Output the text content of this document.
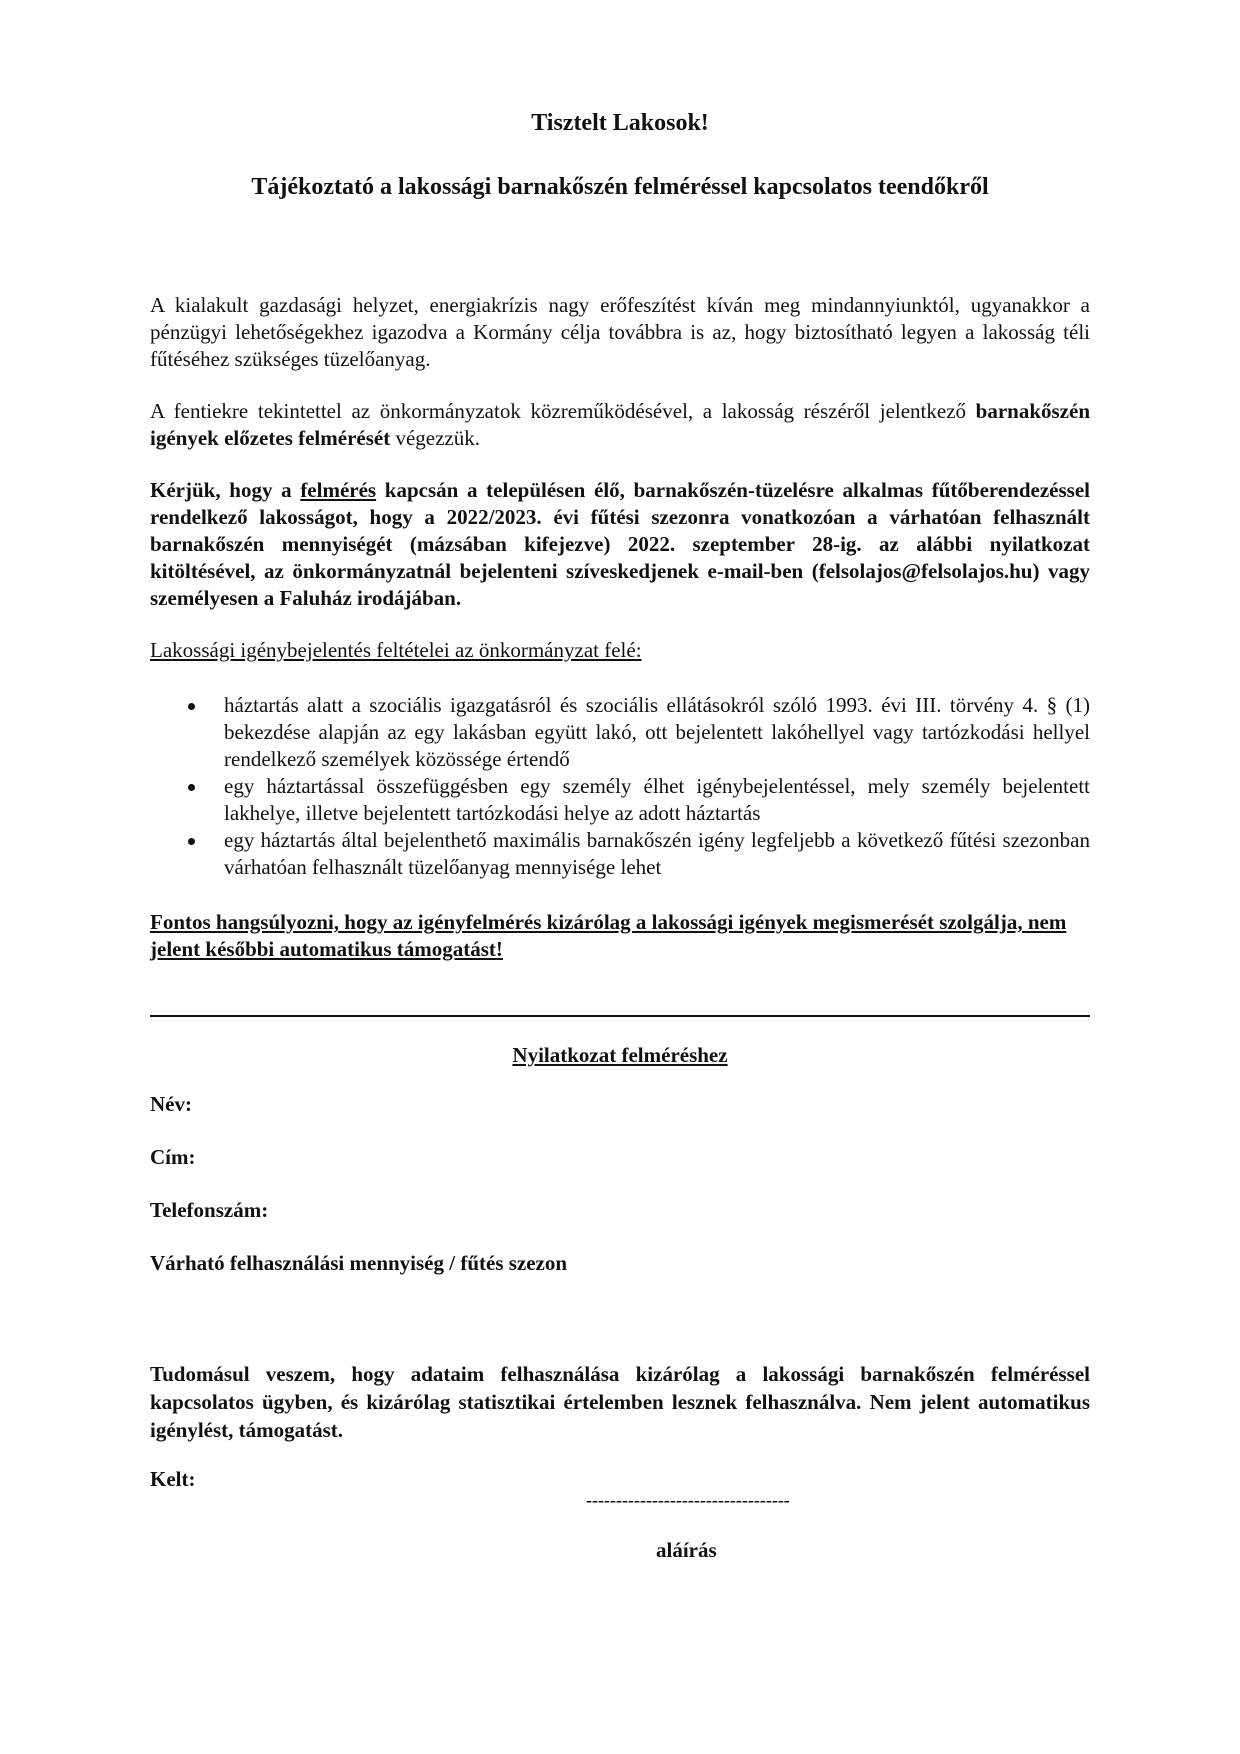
Tisztelt Lakosok!
Tájékoztató a lakossági barnakőszén felméréssel kapcsolatos teendőkről

A kialakult gazdasági helyzet, energiakrízis nagy erőfeszítést kíván meg mindannyiunktól, ugyanakkor a pénzügyi lehetőségekhez igazodva a Kormány célja továbbra is az, hogy biztosítható legyen a lakosság téli fűtéséhez szükséges tüzelőanyag.

A fentiekre tekintettel az önkormányzatok közreműködésével, a lakosság részéről jelentkező barnakőszén igények előzetes felmérését végezzük.

Kérjük, hogy a felmérés kapcsán a településen élő, barnakőszén-tüzelésre alkalmas fűtőberendezéssel rendelkező lakosságot, hogy a 2022/2023. évi fűtési szezonra vonatkozóan a várhatóan felhasznált barnakőszén mennyiségét (mázsában kifejezve) 2022. szeptember 28-ig. az alábbi nyilatkozat kitöltésével, az önkormányzatnál bejelenteni szíveskedjenek e-mail-ben (felsolajos@felsolajos.hu) vagy személyesen a Faluház irodájában.

Lakossági igénybejelentés feltételei az önkormányzat felé:
háztartás alatt a szociális igazgatásról és szociális ellátásokról szóló 1993. évi III. törvény 4. § (1) bekezdése alapján az egy lakásban együtt lakó, ott bejelentett lakóhellyel vagy tartózkodási hellyel rendelkező személyek közössége értendő
egy háztartással összefüggésben egy személy élhet igénybejelentéssel, mely személy bejelentett lakhelye, illetve bejelentett tartózkodási helye az adott háztartás
egy háztartás által bejelenthető maximális barnakőszén igény legfeljebb a következő fűtési szezonban várhatóan felhasznált tüzelőanyag mennyisége lehet
Fontos hangsúlyozni, hogy az igényfelmérés kizárólag a lakossági igények megismerését szolgálja, nem jelent későbbi automatikus támogatást!
Nyilatkozat felméréshez

Név:

Cím:

Telefonszám:

Várható felhasználási mennyiség / fűtés szezon

Tudomásul veszem, hogy adataim felhasználása kizárólag a lakossági barnakőszén felméréssel kapcsolatos ügyben, és kizárólag statisztikai értelemben lesznek felhasználva. Nem jelent automatikus igénylést, támogatást.

Kelt:
----------------------------------
aláírás
